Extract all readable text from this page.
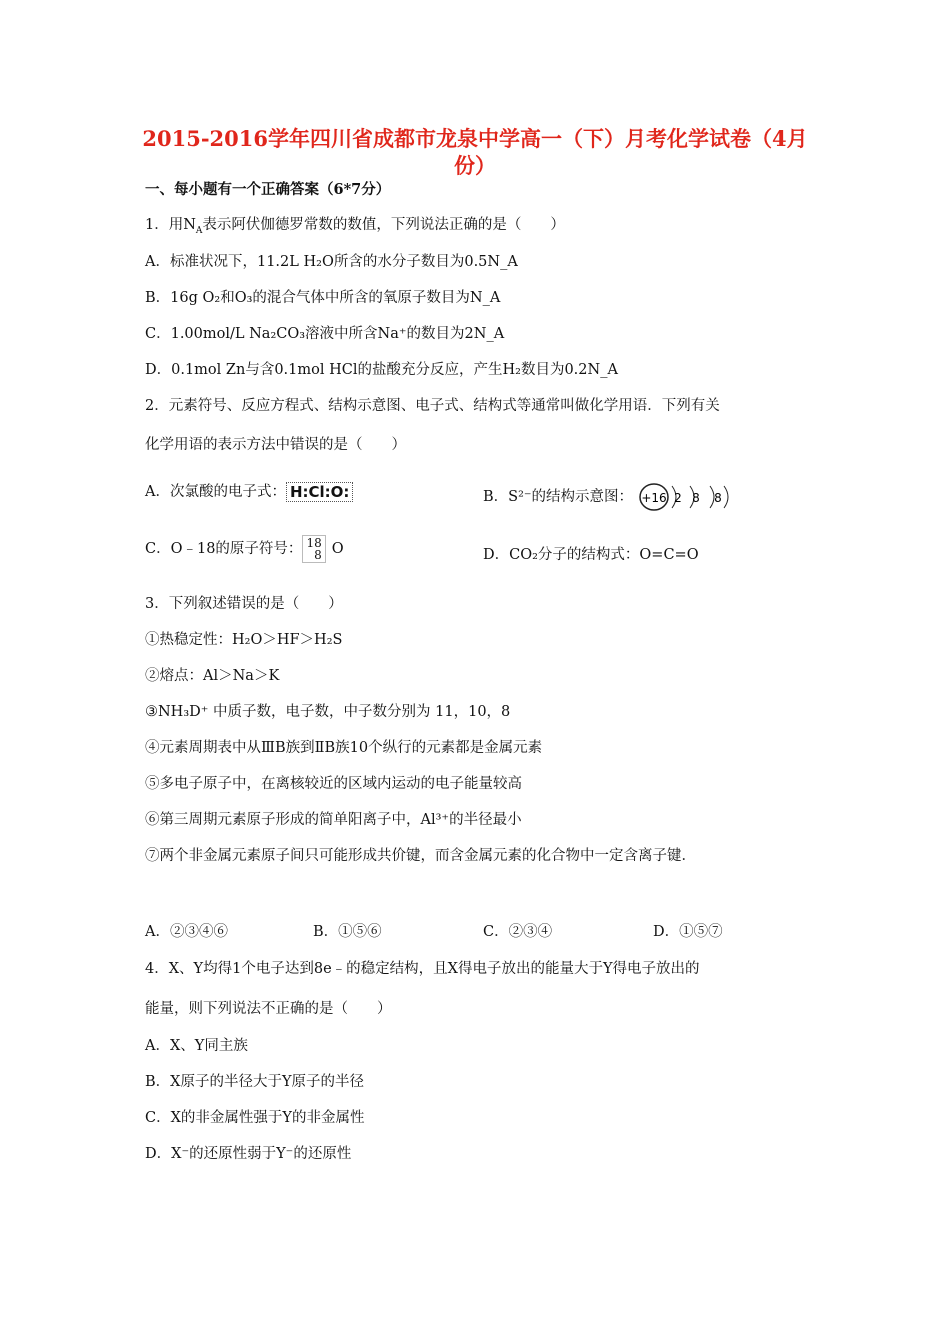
2015-2016学年四川省成都市龙泉中学高一（下）月考化学试卷（4月份）
一、每小题有一个正确答案（6*7分）
1．用$N_A$表示阿伏伽德罗常数的数值，下列说法正确的是（　　）
A．标准状况下，11.2L H₂O所含的水分子数目为0.5N_A
B．16g O₂和O₃的混合气体中所含的氧原子数目为N_A
C．1.00mol/L Na₂CO₃溶液中所含Na⁺的数目为2N_A
D．0.1mol Zn与含0.1mol HCl的盐酸充分反应，产生H₂数目为0.2N_A
2．元素符号、反应方程式、结构示意图、电子式、结构式等通常叫做化学用语．下列有关
化学用语的表示方法中错误的是（　　）
A．次氯酸的电子式： H:Cl:O:	B．S²⁻的结构示意图： +16 2 8 8
C．O﹣18的原子符号： 18
8 O	D．CO₂分子的结构式：O=C=O
3．下列叙述错误的是（　　）
①热稳定性：H₂O＞HF＞H₂S
②熔点：Al＞Na＞K
③NH₃D⁺ 中质子数，电子数，中子数分别为 11，10，8
④元素周期表中从ⅢB族到ⅡB族10个纵行的元素都是金属元素
⑤多电子原子中，在离核较近的区域内运动的电子能量较高
⑥第三周期元素原子形成的简单阳离子中，Al³⁺的半径最小
⑦两个非金属元素原子间只可能形成共价键，而含金属元素的化合物中一定含离子键．
A．②③④⑥	B．①⑤⑥	C．②③④	D．①⑤⑦
4．X、Y均得1个电子达到8e﹣的稳定结构，且X得电子放出的能量大于Y得电子放出的
能量，则下列说法不正确的是（　　）
A．X、Y同主族
B．X原子的半径大于Y原子的半径
C．X的非金属性强于Y的非金属性
D．X⁻的还原性弱于Y⁻的还原性
